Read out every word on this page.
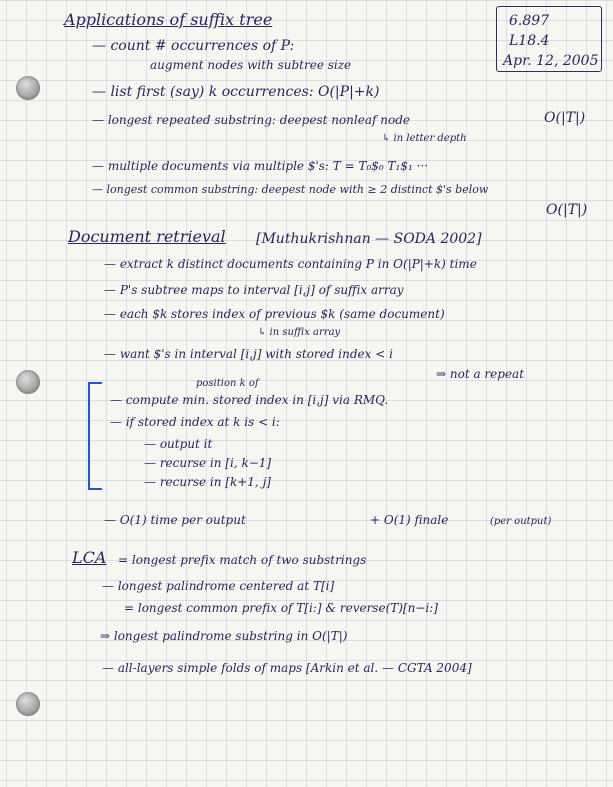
Applications of suffix tree	6.897
L18.4
Apr. 12, 2005
— count # occurrences of P:
augment nodes with subtree size
— list first (say) k occurrences: O(|P|+k)
— longest repeated substring: deepest nonleaf node	O(|T|)
↳ in letter depth
— multiple documents via multiple $'s: T = T₀$₀ T₁$₁ ···
— longest common substring: deepest node with ≥ 2 distinct $'s below
O(|T|)
Document retrieval [Muthukrishnan — SODA 2002]
— extract k distinct documents containing P in O(|P|+k) time
— P's subtree maps to interval [i,j] of suffix array
— each $k stores index of previous $k (same document)
↳ in suffix array
— want $'s in interval [i,j] with stored index < i
⇒ not a repeat
position k of
— compute min. stored index in [i,j] via RMQ.
— if stored index at k is < i:
— output it
— recurse in [i, k−1]
— recurse in [k+1, j]
— O(1) time per output	+ O(1) finale	(per output)
LCA = longest prefix match of two substrings
— longest palindrome centered at T[i]
= longest common prefix of T[i:] & reverse(T)[n−i:]
⇒ longest palindrome substring in O(|T|)
— all-layers simple folds of maps [Arkin et al. — CGTA 2004]
